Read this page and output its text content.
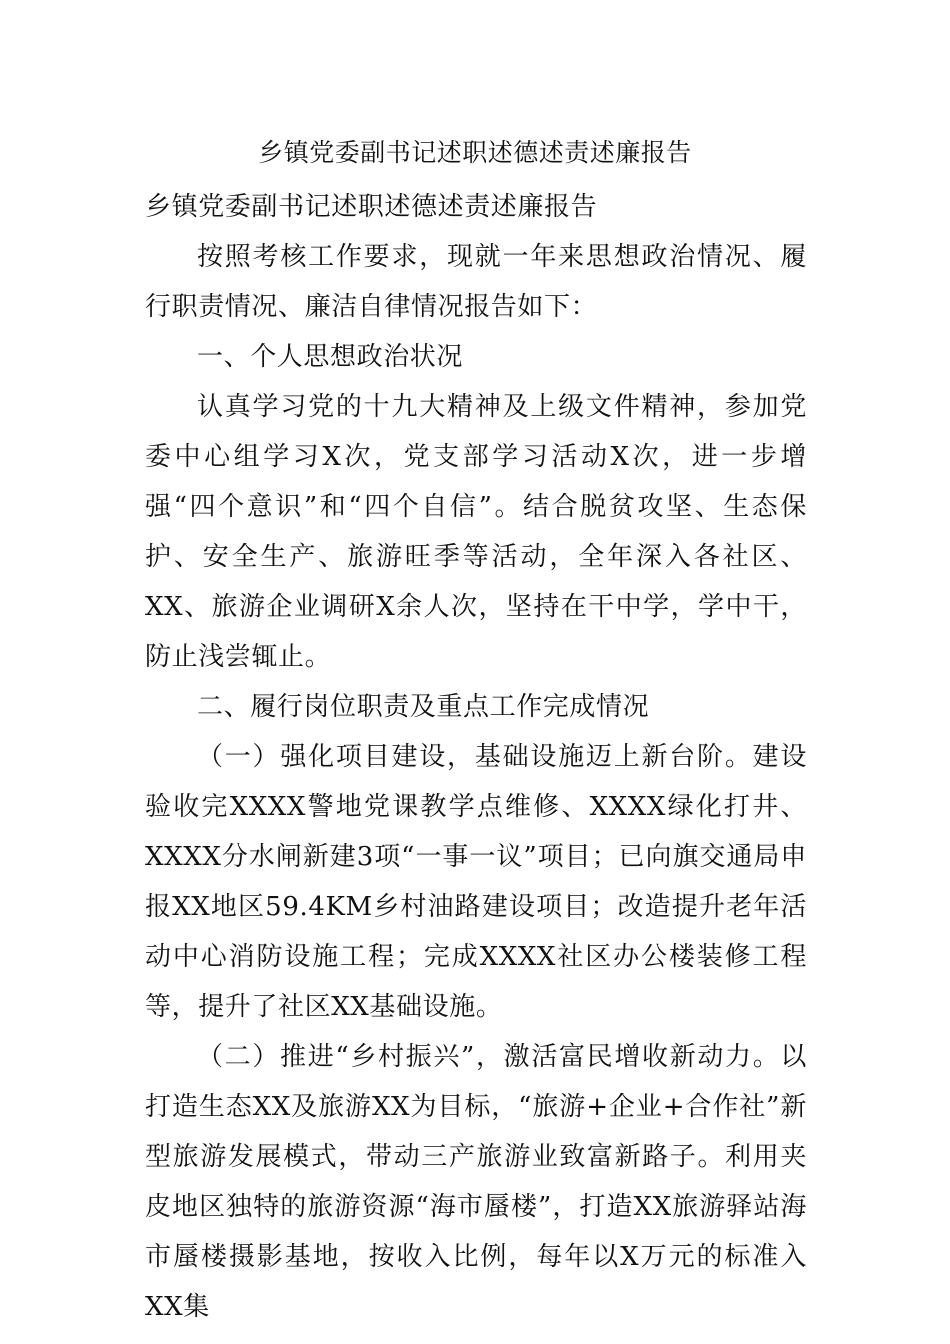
乡镇党委副书记述职述德述责述廉报告

乡镇党委副书记述职述德述责述廉报告

按照考核工作要求，现就一年来思想政治情况、履行职责情况、廉洁自律情况报告如下：

一、个人思想政治状况

认真学习党的十九大精神及上级文件精神，参加党委中心组学习X次，党支部学习活动X次，进一步增强“四个意识”和“四个自信”。结合脱贫攻坚、生态保护、安全生产、旅游旺季等活动，全年深入各社区、XX、旅游企业调研X余人次，坚持在干中学，学中干，防止浅尝辄止。

二、履行岗位职责及重点工作完成情况

（一）强化项目建设，基础设施迈上新台阶。建设验收完XXXX警地党课教学点维修、XXXX绿化打井、XXXX分水闸新建3项“一事一议”项目；已向旗交通局申报XX地区59.4KM乡村油路建设项目；改造提升老年活动中心消防设施工程；完成XXXX社区办公楼装修工程等，提升了社区XX基础设施。

（二）推进“乡村振兴”，激活富民增收新动力。以打造生态XX及旅游XX为目标，“旅游+企业+合作社”新型旅游发展模式，带动三产旅游业致富新路子。利用夹皮地区独特的旅游资源“海市蜃楼”，打造XX旅游驿站海市蜃楼摄影基地，按收入比例，每年以X万元的标准入XX集
